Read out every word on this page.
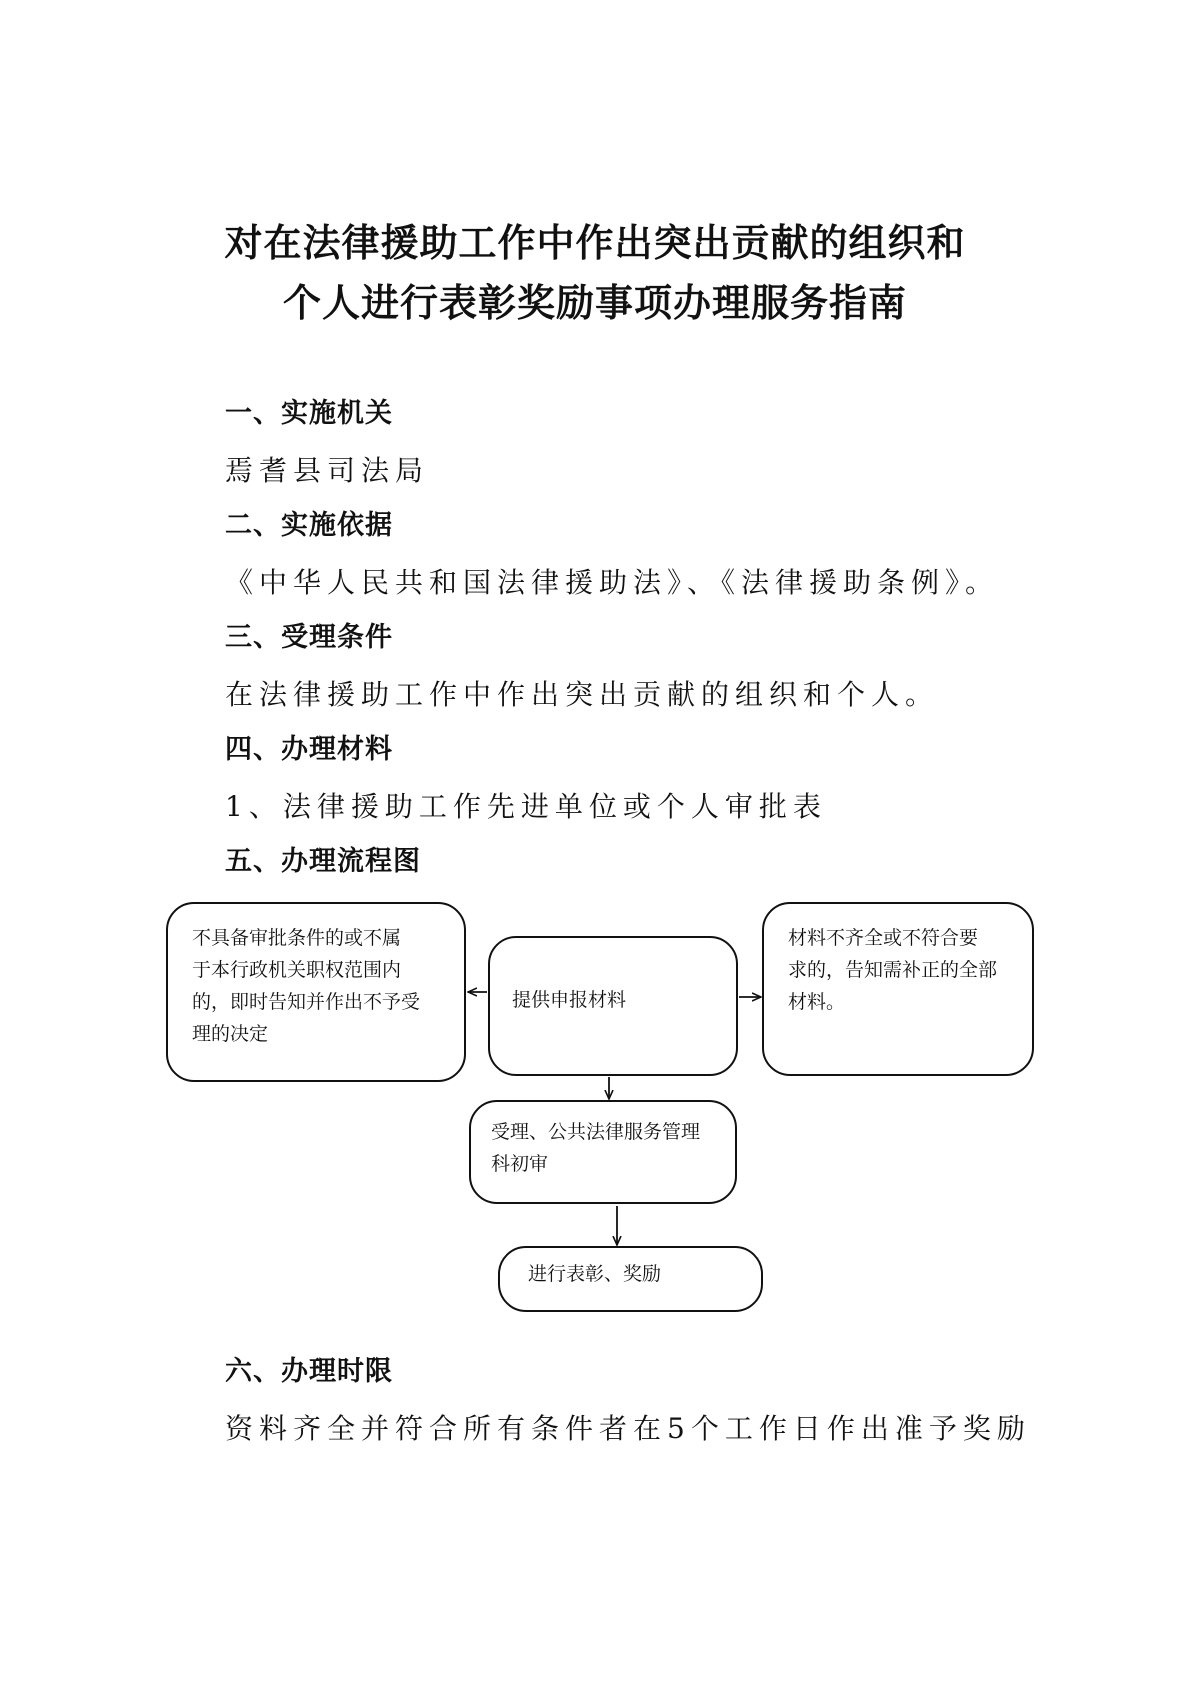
对在法律援助工作中作出突出贡献的组织和
个人进行表彰奖励事项办理服务指南
一、实施机关
焉耆县司法局
二、实施依据
《中华人民共和国法律援助法》、《法律援助条例》。
三、受理条件
在法律援助工作中作出突出贡献的组织和个人。
四、办理材料
1、法律援助工作先进单位或个人审批表
五、办理流程图
不具备审批条件的或不属
于本行政机关职权范围内
的，即时告知并作出不予受
理的决定
提供申报材料
材料不齐全或不符合要
求的，告知需补正的全部
材料。
受理、公共法律服务管理
科初审
进行表彰、奖励
六、办理时限
资料齐全并符合所有条件者在5个工作日作出准予奖励
